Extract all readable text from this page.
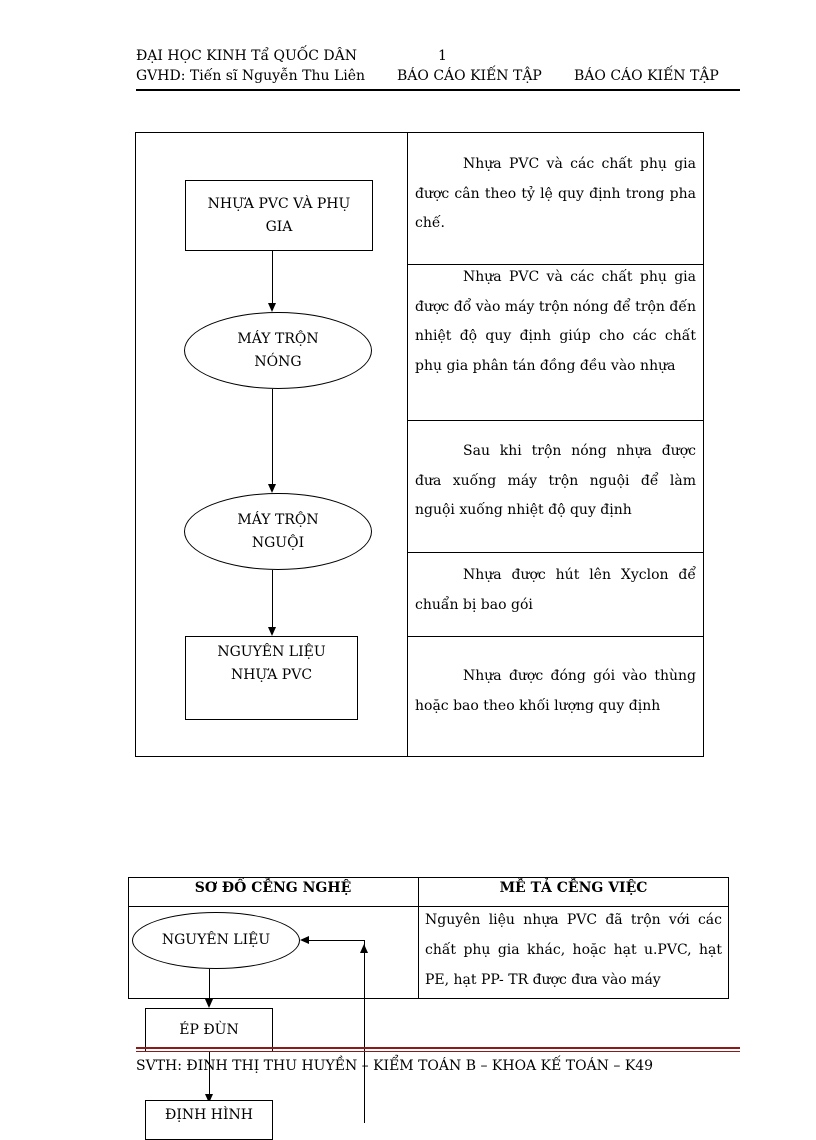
ĐẠI HỌC KINH Tẩ QUỐC DÂN	1
GVHD: Tiến sĩ Nguyễn Thu Liên BÁO CÁO KIẾN TẬP BÁO CÁO KIẾN TẬP
NHỰA PVC VÀ PHỤ GIA
MÁY TRỘN NÓNG
MÁY TRỘN NGUỘI
NGUYÊN LIỆU NHỰA PVC
Nhựa PVC và các chất phụ gia được cân theo tỷ lệ quy định trong pha chế.
Nhựa PVC và các chất phụ gia được đổ vào máy trộn nóng để trộn đến nhiệt độ quy định giúp cho các chất phụ gia phân tán đồng đều vào nhựa
Sau khi trộn nóng nhựa được đưa xuống máy trộn nguội để làm nguội xuống nhiệt độ quy định
Nhựa được hút lên Xyclon để chuẩn bị bao gói
Nhựa được đóng gói vào thùng hoặc bao theo khối lượng quy định
SƠ ĐỒ CỄNG NGHỆ	MỄ TẢ CỄNG VIỆC
NGUYÊN LIỆU
Nguyên liệu nhựa PVC đã trộn với các chất phụ gia khác, hoặc hạt u.PVC, hạt PE, hạt PP- TR được đưa vào máy
ÉP ĐÙN
SVTH: ĐINH THỊ THU HUYỀN – KIỂM TOÁN B – KHOA KẾ TOÁN – K49
ĐỊNH HÌNH
